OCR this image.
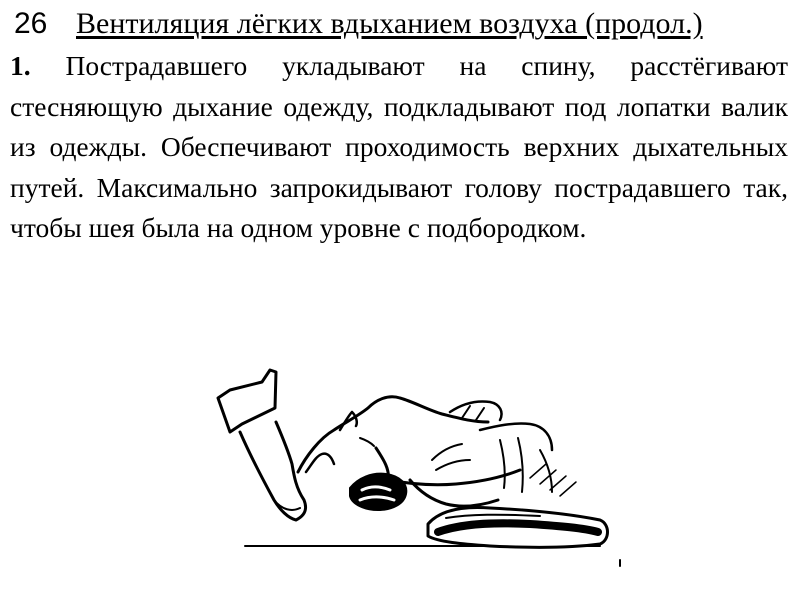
26 Вентиляция лёгких вдыханием воздуха (продол.)
1. Пострадавшего укладывают на спину, расстёгивают стесняющую дыхание одежду, подкладывают под лопатки валик из одежды. Обеспечивают проходимость верхних дыхательных путей. Максимально запрокидывают голову пострадавшего так, чтобы шея была на одном уровне с подбородком.
